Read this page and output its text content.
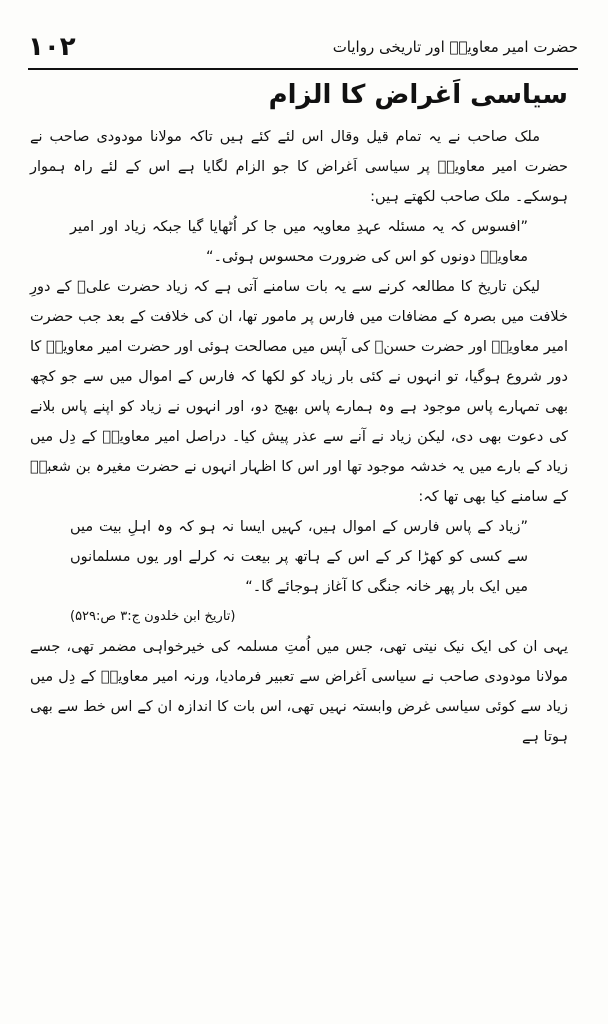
۱۰۲	حضرت امیر معاویہؓ اور تاریخی روایات
سیاسی اَغراض کا الزام

ملک صاحب نے یہ تمام قیل وقال اس لئے کئے ہیں تاکہ مولانا مودودی صاحب نے حضرت امیر معاویہؓ پر سیاسی اَغراض کا جو الزام لگایا ہے اس کے لئے راہ ہموار ہوسکے۔ ملک صاحب لکھتے ہیں:

”افسوس کہ یہ مسئلہ عہدِ معاویہ میں جا کر اُٹھایا گیا جبکہ زیاد اور امیر معاویہؓ دونوں کو اس کی ضرورت محسوس ہوئی۔“

لیکن تاریخ کا مطالعہ کرنے سے یہ بات سامنے آتی ہے کہ زیاد حضرت علیؓ کے دورِ خلافت میں بصرہ کے مضافات میں فارس پر مامور تھا، ان کی خلافت کے بعد جب حضرت امیر معاویہؓ اور حضرت حسنؓ کی آپس میں مصالحت ہوئی اور حضرت امیر معاویہؓ کا دور شروع ہوگیا، تو انہوں نے کئی بار زیاد کو لکھا کہ فارس کے اموال میں سے جو کچھ بھی تمہارے پاس موجود ہے وہ ہمارے پاس بھیج دو، اور انہوں نے زیاد کو اپنے پاس بلانے کی دعوت بھی دی، لیکن زیاد نے آنے سے عذر پیش کیا۔ دراصل امیر معاویہؓ کے دِل میں زیاد کے بارے میں یہ خدشہ موجود تھا اور اس کا اظہار انہوں نے حضرت مغیرہ بن شعبہؓ کے سامنے کیا بھی تھا کہ:

”زیاد کے پاس فارس کے اموال ہیں، کہیں ایسا نہ ہو کہ وہ اہلِ بیت میں سے کسی کو کھڑا کر کے اس کے ہاتھ پر بیعت نہ کرلے اور یوں مسلمانوں میں ایک بار پھر خانہ جنگی کا آغاز ہوجائے گا۔“

(تاریخ ابن خلدون ج:۳ ص:۵۲۹)

یہی ان کی ایک نیک نیتی تھی، جس میں اُمتِ مسلمہ کی خیرخواہی مضمر تھی، جسے مولانا مودودی صاحب نے سیاسی اَغراض سے تعبیر فرمادیا، ورنہ امیر معاویہؓ کے دِل میں زیاد سے کوئی سیاسی غرض وابستہ نہیں تھی، اس بات کا اندازہ ان کے اس خط سے بھی ہوتا ہے
